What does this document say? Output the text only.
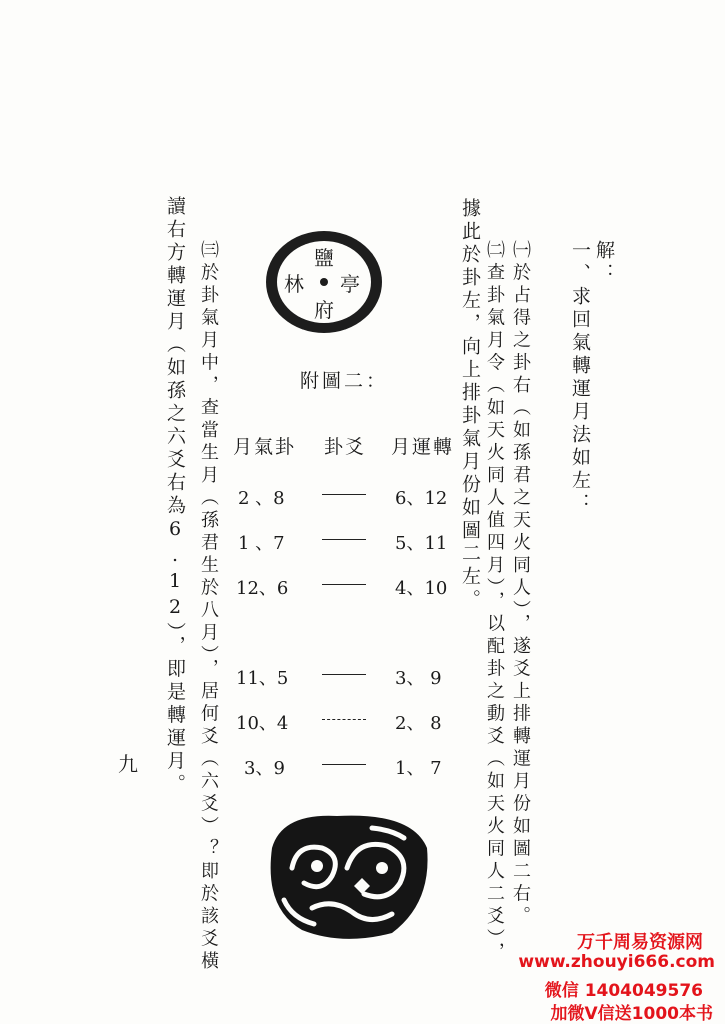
解：
一、求回氣轉運月法如左：
㈠於占得之卦右（如孫君之天火同人），遂爻上排轉運月份如圖二右。
㈡查卦氣月令（如天火同人值四月），以配卦之動爻（如天火同人二爻），
據此於卦左，向上排卦氣月份如圖二左。
㈢於卦氣月中，查當生月（孫君生於八月），居何爻（六爻）？即於該爻橫
讀右方轉運月（如孫之六爻右為6.12），即是轉運月。	鹽
亭
林
府
附圖二：
月氣卦 卦爻 月運轉
2 、8	6、12
1 、7	5、11
12、6	4、10
11、5	3、 9
10、4	2、 8
3、9	1、 7
九
万千周易资源网
www.zhouyi666.com
微信 1404049576
加微V信送1000本书
